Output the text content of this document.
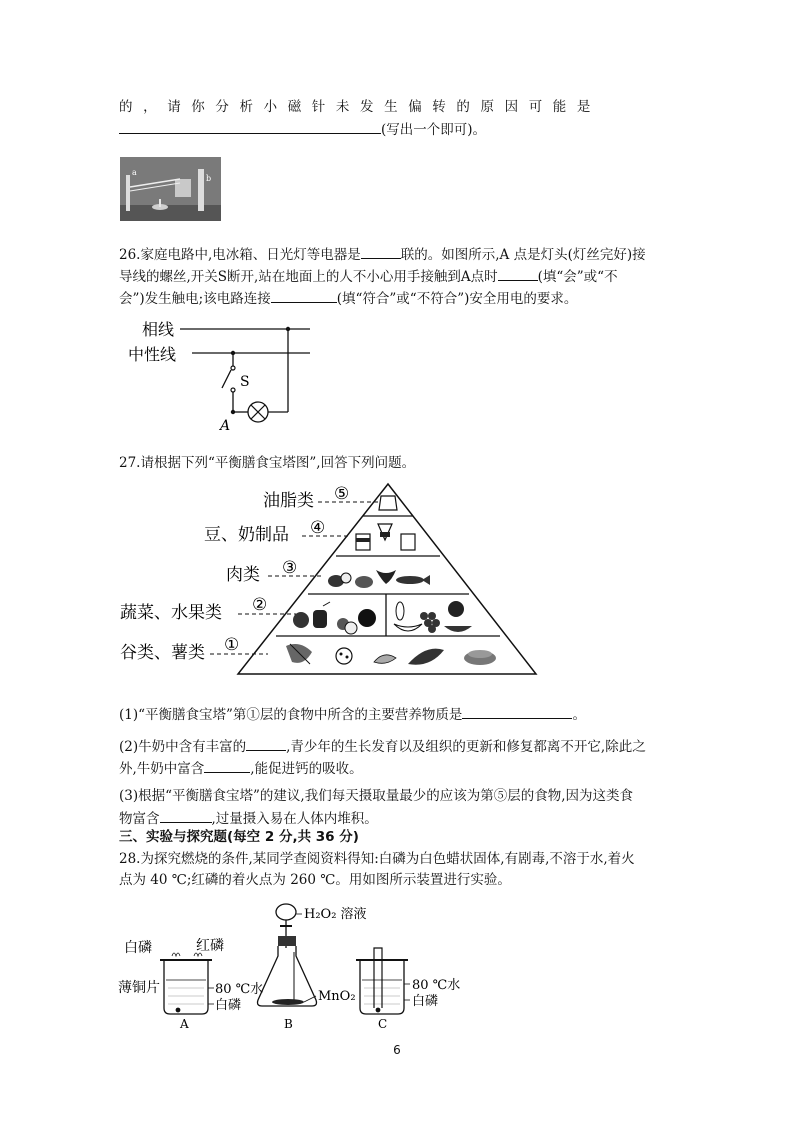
的，请你分析小磁针未发生偏转的原因可能是
(写出一个即可)。
a
b
26.家庭电路中,电冰箱、日光灯等电器是	联的。如图所示,A 点是灯头(灯丝完好)接
导线的螺丝,开关S断开,站在地面上的人不小心用手接触到A点时	(填“会”或“不
会”)发生触电;该电路连接	(填“符合”或“不符合”)安全用电的要求。
相线
中性线
S
A
27.请根据下列“平衡膳食宝塔图”,回答下列问题。
油脂类 ⑤
豆、奶制品 ④
肉类 ③
蔬菜、水果类 ②
谷类、薯类 ①
(1)“平衡膳食宝塔”第①层的食物中所含的主要营养物质是	。
(2)牛奶中含有丰富的	,青少年的生长发育以及组织的更新和修复都离不开它,除此之
外,牛奶中富含	,能促进钙的吸收。
(3)根据“平衡膳食宝塔”的建议,我们每天摄取量最少的应该为第⑤层的食物,因为这类食
物富含	,过量摄入易在人体内堆积。
三、实验与探究题(每空 2 分,共 36 分)
28.为探究燃烧的条件,某同学查阅资料得知:白磷为白色蜡状固体,有剧毒,不溶于水,着火
点为 40 ℃;红磷的着火点为 260 ℃。用如图所示装置进行实验。
白磷	红磷
薄铜片	80 ℃水
白磷
A
H₂O₂ 溶液
MnO₂
B
80 ℃水
白磷
C
6
